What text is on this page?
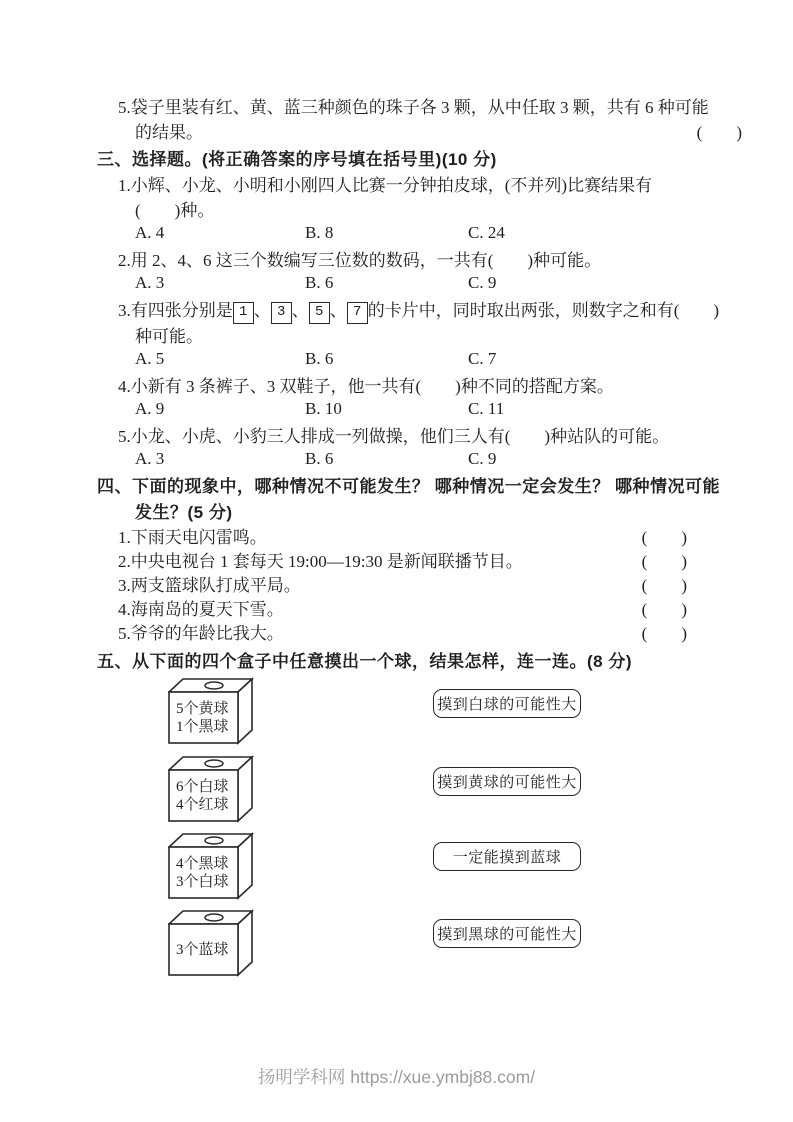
5.袋子里装有红、黄、蓝三种颜色的珠子各 3 颗，从中任取 3 颗，共有 6 种可能
的结果。	(　　)
三、选择题。(将正确答案的序号填在括号里)(10 分)
1.小辉、小龙、小明和小刚四人比赛一分钟拍皮球，(不并列)比赛结果有
(　　)种。
A. 4	B. 8	C. 24
2.用 2、4、6 这三个数编写三位数的数码，一共有(　　)种可能。
A. 3	B. 6	C. 9
3.有四张分别是 1 、 3 、 5 、 7 的卡片中，同时取出两张，则数字之和有(　　)
种可能。
A. 5	B. 6	C. 7
4.小新有 3 条裤子、3 双鞋子，他一共有(　　)种不同的搭配方案。
A. 9	B. 10	C. 11
5.小龙、小虎、小豹三人排成一列做操，他们三人有(　　)种站队的可能。
A. 3	B. 6	C. 9
四、下面的现象中，哪种情况不可能发生？ 哪种情况一定会发生？ 哪种情况可能
发生？(5 分)
1. 下雨天电闪雷鸣。	(　　)
2. 中央电视台 1 套每天 19:00—19:30 是新闻联播节目。	(　　)
3. 两支篮球队打成平局。	(　　)
4. 海南岛的夏天下雪。	(　　)
5. 爷爷的年龄比我大。	(　　)
五、从下面的四个盒子中任意摸出一个球，结果怎样，连一连。(8 分)
5个黄球
1个黑球
6个白球
4个红球
4个黑球
3个白球
3个蓝球
摸到白球的可能性大
摸到黄球的可能性大
一定能摸到蓝球
摸到黑球的可能性大
扬明学科网 https://xue.ymbj88.com/
